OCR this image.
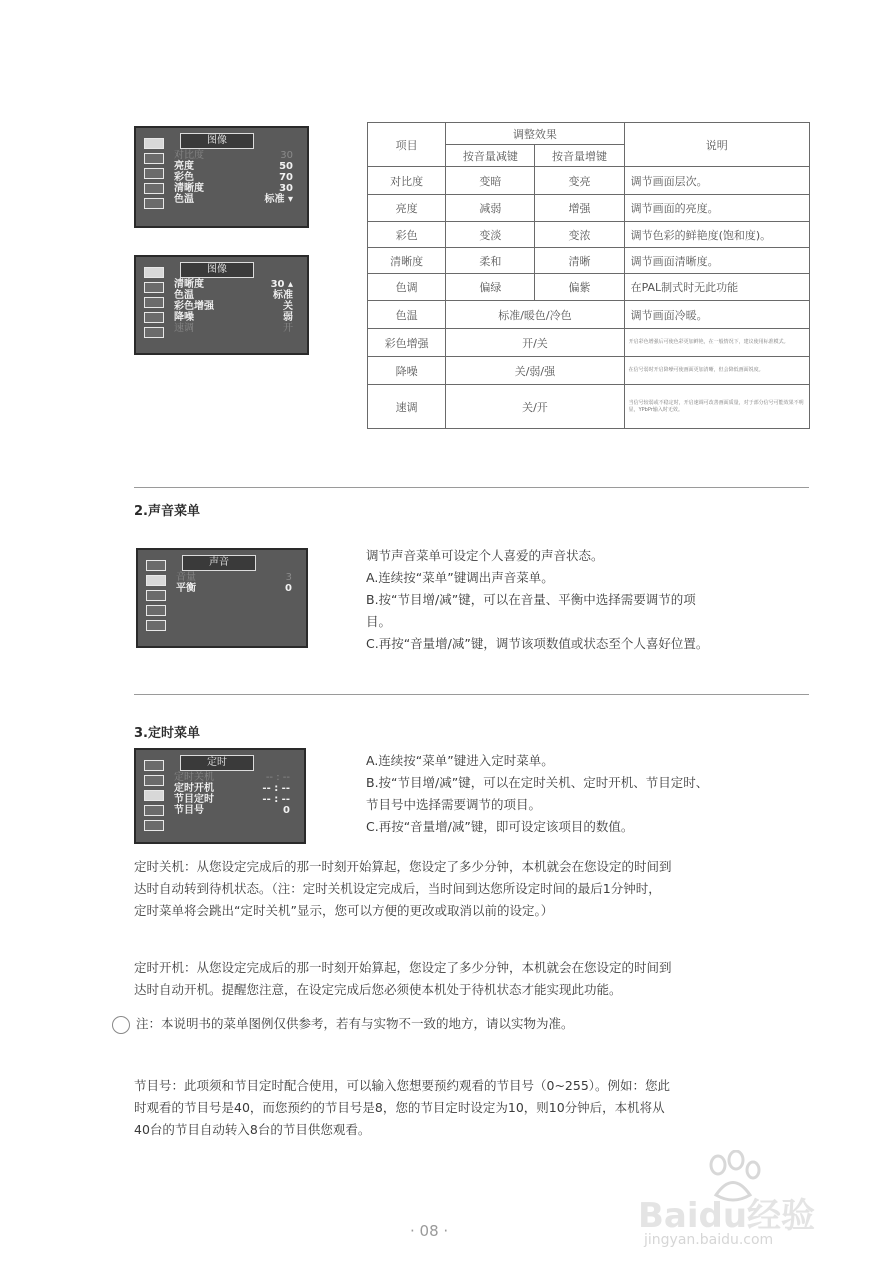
图像
对比度	30
亮度	50
彩色	70
清晰度	30
色温	标准 ▾
图像
清晰度	30 ▴
色温	标准
彩色增强	关
降噪	弱
速调	开
项目	调整效果		说明
	按音量减键	按音量增键	
对比度	变暗	变亮	调节画面层次。
亮度	减弱	增强	调节画面的亮度。
彩色	变淡	变浓	调节色彩的鲜艳度(饱和度)。
清晰度	柔和	清晰	调节画面清晰度。
色调	偏绿	偏紫	在PAL制式时无此功能
色温	标准/暖色/冷色		调节画面冷暖。
彩色增强	开/关		开启彩色增强后可使色彩更加鲜艳，在一般情况下，建议使用标准模式。
降噪	关/弱/强		在信号弱时开启降噪可使画面更加清晰，但会降低画面锐度。
速调	关/开		当信号较弱或不稳定时，开启速调可改善画面质量，对于部分信号可能效果不明显，YPbPr输入时无效。
2.声音菜单
声音
音量	3
平衡	0
调节声音菜单可设定个人喜爱的声音状态。
A.连续按“菜单”键调出声音菜单。
B.按“节目增/减”键，可以在音量、平衡中选择需要调节的项
目。
C.再按“音量增/减”键，调节该项数值或状态至个人喜好位置。
3.定时菜单
定时
定时关机	-- : --
定时开机	-- : --
节目定时	-- : --
节目号	0
A.连续按“菜单”键进入定时菜单。
B.按“节目增/减”键，可以在定时关机、定时开机、节目定时、
节目号中选择需要调节的项目。
C.再按“音量增/减”键，即可设定该项目的数值。
定时关机：从您设定完成后的那一时刻开始算起，您设定了多少分钟，本机就会在您设定的时间到
达时自动转到待机状态。（注：定时关机设定完成后，当时间到达您所设定时间的最后1分钟时，
定时菜单将会跳出“定时关机”显示，您可以方便的更改或取消以前的设定。）
定时开机：从您设定完成后的那一时刻开始算起，您设定了多少分钟，本机就会在您设定的时间到
达时自动开机。提醒您注意，在设定完成后您必须使本机处于待机状态才能实现此功能。
注：本说明书的菜单图例仅供参考，若有与实物不一致的地方，请以实物为准。
节目号：此项须和节目定时配合使用，可以输入您想要预约观看的节目号（0~255）。例如：您此
时观看的节目号是40，而您预约的节目号是8，您的节目定时设定为10，则10分钟后，本机将从
40台的节目自动转入8台的节目供您观看。
· 08 ·	Baidu经验
jingyan.baidu.com
